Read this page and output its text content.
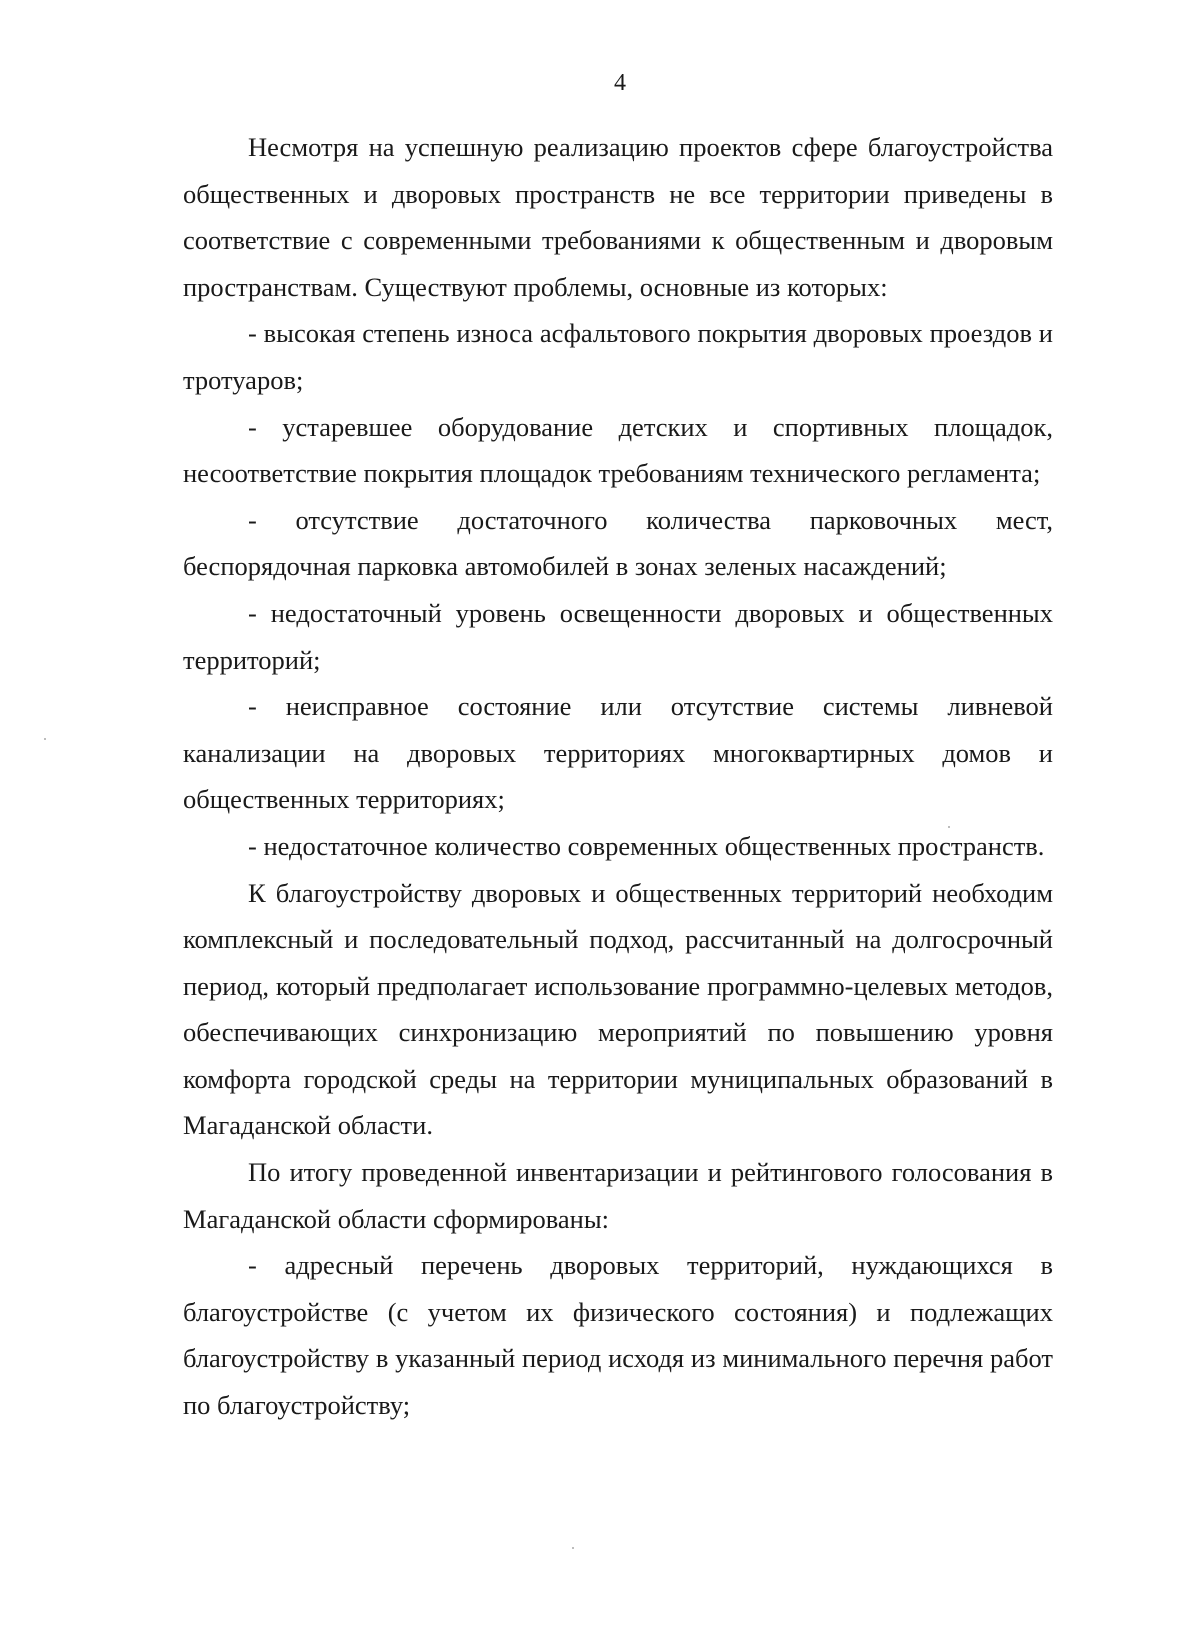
4

Несмотря на успешную реализацию проектов сфере благоустройства общественных и дворовых пространств не все территории приведены в соответствие с современными требованиями к общественным и дворовым пространствам. Существуют проблемы, основные из которых:

- высокая степень износа асфальтового покрытия дворовых проездов и тротуаров;

- устаревшее оборудование детских и спортивных площадок, несоответствие покрытия площадок требованиям технического регламента;

- отсутствие достаточного количества парковочных мест, беспорядочная парковка автомобилей в зонах зеленых насаждений;

- недостаточный уровень освещенности дворовых и общественных территорий;

- неисправное состояние или отсутствие системы ливневой канализации на дворовых территориях многоквартирных домов и общественных территориях;

- недостаточное количество современных общественных пространств.

К благоустройству дворовых и общественных территорий необходим комплексный и последовательный подход, рассчитанный на долгосрочный период, который предполагает использование программно-целевых методов, обеспечивающих синхронизацию мероприятий по повышению уровня комфорта городской среды на территории муниципальных образований в Магаданской области.

По итогу проведенной инвентаризации и рейтингового голосования в Магаданской области сформированы:

- адресный перечень дворовых территорий, нуждающихся в благоустройстве (с учетом их физического состояния) и подлежащих благоустройству в указанный период исходя из минимального перечня работ по благоустройству;
